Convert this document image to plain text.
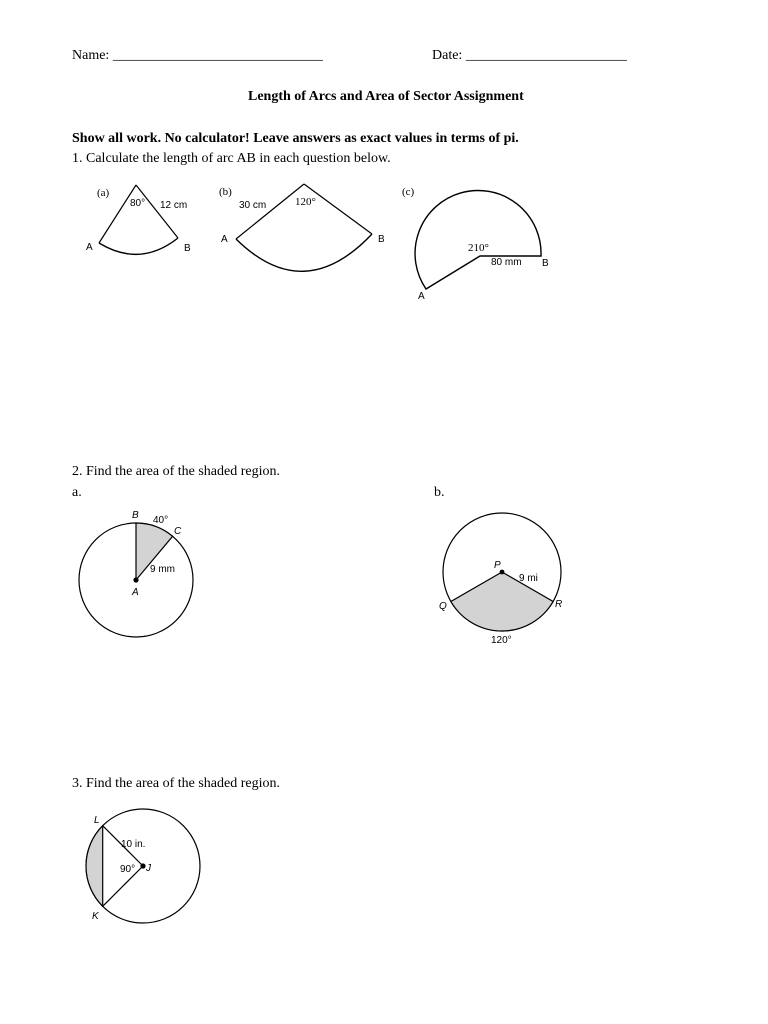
Name: ______________________________	Date: _______________________
Length of Arcs and Area of Sector Assignment
Show all work. No calculator! Leave answers as exact values in terms of pi.
1. Calculate the length of arc AB in each question below.
2. Find the area of the shaded region.
a.	b.
3. Find the area of the shaded region.
(a)
80° 12 cm
A	B
(b)
30 cm	120°
A	B
(c)
210°
80 mm B
A
B 40°
C
9 mm
A
P
9 mi
Q	R
120°
L
10 in.
90° J
K
